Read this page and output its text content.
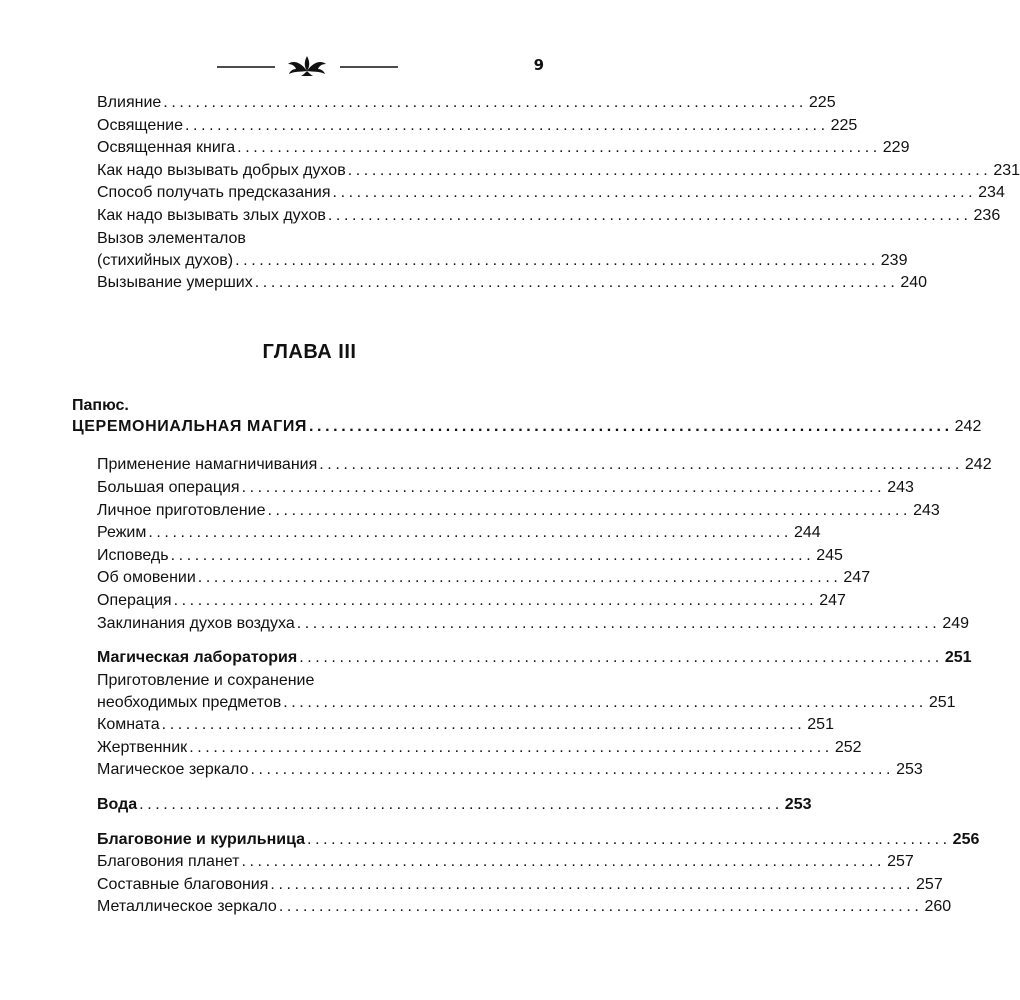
9
Влияние ................................................................................ 225
Освящение ................................................................................ 225
Освященная книга ................................................................................ 229
Как надо вызывать добрых духов ................................................................................ 231
Способ получать предсказания ................................................................................ 234
Как надо вызывать злых духов ................................................................................ 236
Вызов элементалов
(стихийных духов) ................................................................................ 239
Вызывание умерших ................................................................................ 240
ГЛАВА III
Папюс.
ЦЕРЕМОНИАЛЬНАЯ МАГИЯ ................................................................................ 242
Применение намагничивания ................................................................................ 242
Большая операция ................................................................................ 243
Личное приготовление ................................................................................ 243
Режим ................................................................................ 244
Исповедь ................................................................................ 245
Об омовении ................................................................................ 247
Операция ................................................................................ 247
Заклинания духов воздуха ................................................................................ 249
Магическая лаборатория ................................................................................ 251
Приготовление и сохранение
необходимых предметов ................................................................................ 251
Комната ................................................................................ 251
Жертвенник ................................................................................ 252
Магическое зеркало ................................................................................ 253
Вода ................................................................................ 253
Благовоние и курильница ................................................................................ 256
Благовония планет ................................................................................ 257
Составные благовония ................................................................................ 257
Металлическое зеркало ................................................................................ 260
